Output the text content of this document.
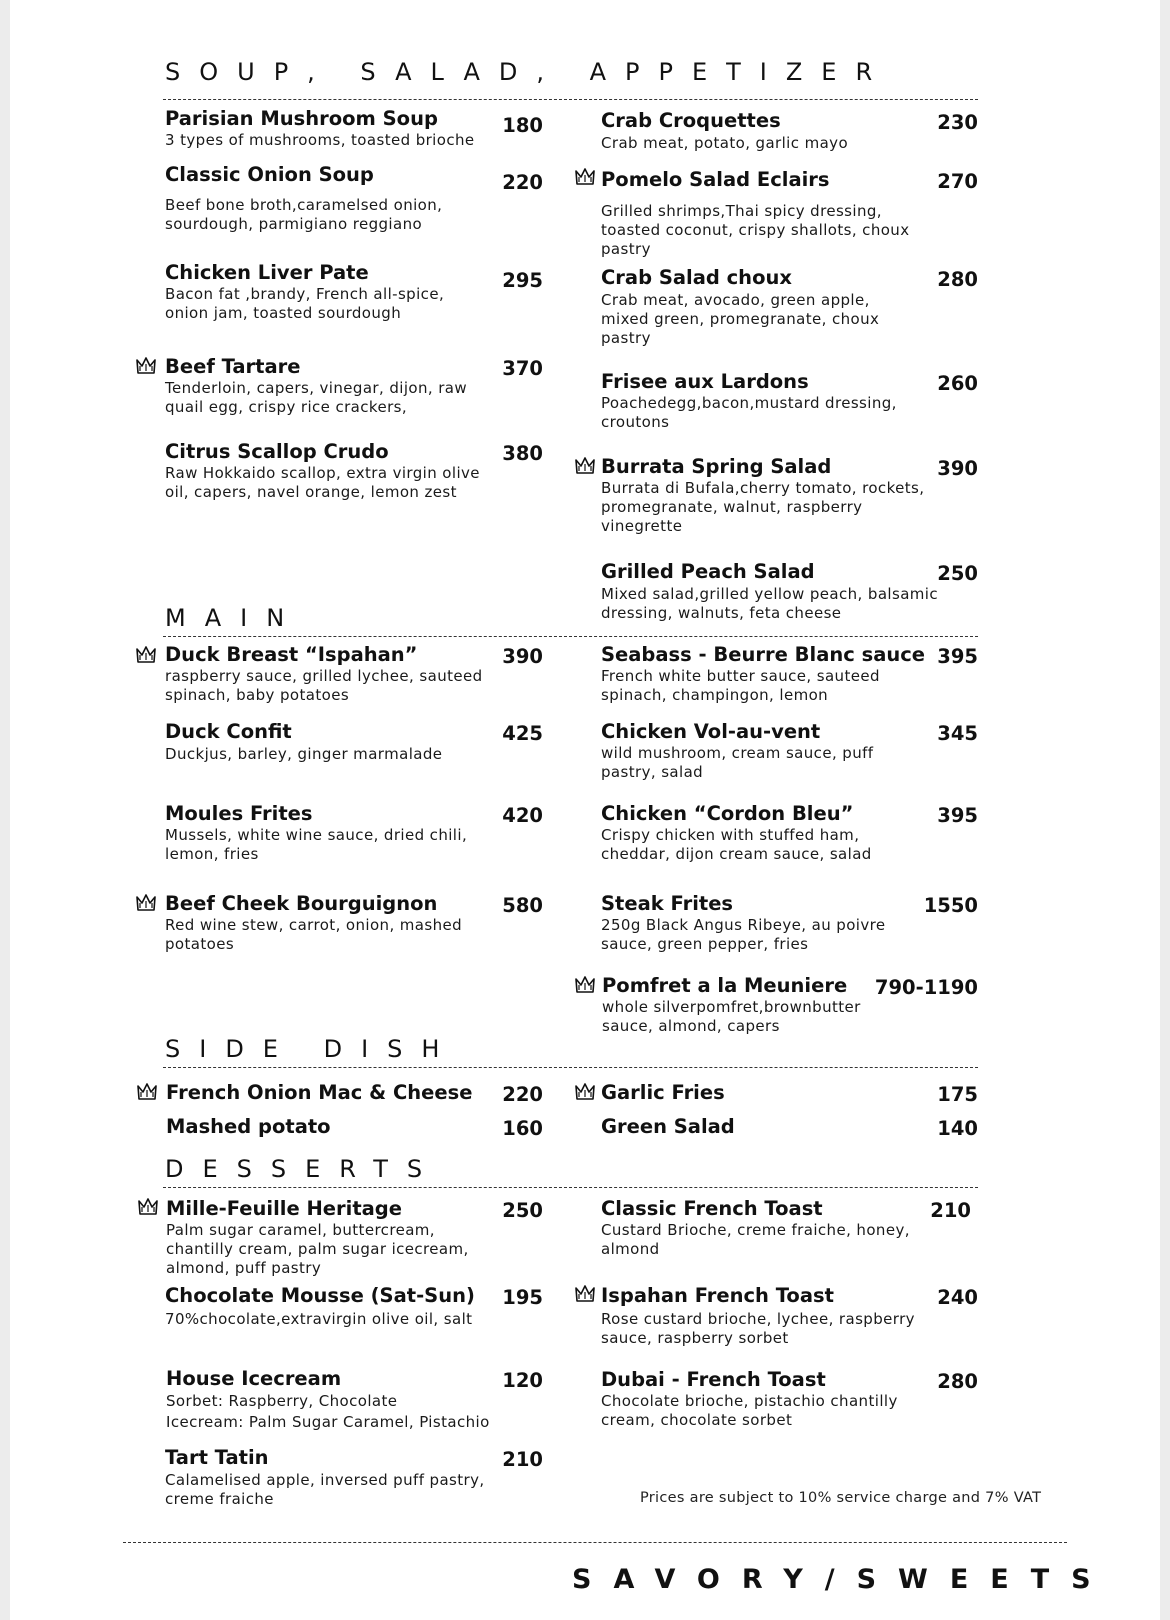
SOUP, SALAD, APPETIZER
Parisian Mushroom Soup	180
3 types of mushrooms, toasted brioche
Classic Onion Soup	220
Beef bone broth,caramelsed onion, sourdough, parmigiano reggiano
Chicken Liver Pate	295
Bacon fat ,brandy, French all-spice, onion jam, toasted sourdough
Beef Tartare	370
Tenderloin, capers, vinegar, dijon, raw quail egg, crispy rice crackers,
Citrus Scallop Crudo	380
Raw Hokkaido scallop, extra virgin olive oil, capers, navel orange, lemon zest
Crab Croquettes	230
Crab meat, potato, garlic mayo
Pomelo Salad Eclairs	270
Grilled shrimps,Thai spicy dressing, toasted coconut, crispy shallots, choux pastry
Crab Salad choux	280
Crab meat, avocado, green apple, mixed green, promegranate, choux pastry
Frisee aux Lardons	260
Poachedegg,bacon,mustard dressing, croutons
Burrata Spring Salad	390
Burrata di Bufala,cherry tomato, rockets, promegranate, walnut, raspberry vinegrette
Grilled Peach Salad	250
Mixed salad,grilled yellow peach, balsamic dressing, walnuts, feta cheese
MAIN
Duck Breast “Ispahan”	390
raspberry sauce, grilled lychee, sauteed spinach, baby potatoes
Duck Confit	425
Duckjus, barley, ginger marmalade
Moules Frites	420
Mussels, white wine sauce, dried chili, lemon, fries
Beef Cheek Bourguignon	580
Red wine stew, carrot, onion, mashed potatoes
Seabass - Beurre Blanc sauce 395
French white butter sauce, sauteed spinach, champingon, lemon
Chicken Vol-au-vent	345
wild mushroom, cream sauce, puff pastry, salad
Chicken “Cordon Bleu”	395
Crispy chicken with stuffed ham, cheddar, dijon cream sauce, salad
Steak Frites	1550
250g Black Angus Ribeye, au poivre sauce, green pepper, fries
Pomfret a la Meuniere 790-1190
whole silverpomfret,brownbutter sauce, almond, capers
SIDE DISH
French Onion Mac & Cheese 220
Mashed potato	160
Garlic Fries	175
Green Salad	140
DESSERTS
Mille-Feuille Heritage	250
Palm sugar caramel, buttercream, chantilly cream, palm sugar icecream, almond, puff pastry
Chocolate Mousse (Sat-Sun) 195
70%chocolate,extravirgin olive oil, salt
House Icecream	120
Sorbet: Raspberry, Chocolate
Icecream: Palm Sugar Caramel, Pistachio
Tart Tatin	210
Calamelised apple, inversed puff pastry, creme fraiche
Classic French Toast	210
Custard Brioche, creme fraiche, honey, almond
Ispahan French Toast	240
Rose custard brioche, lychee, raspberry sauce, raspberry sorbet
Dubai - French Toast	280
Chocolate brioche, pistachio chantilly cream, chocolate sorbet
Prices are subject to 10% service charge and 7% VAT
SAVORY/SWEETS
